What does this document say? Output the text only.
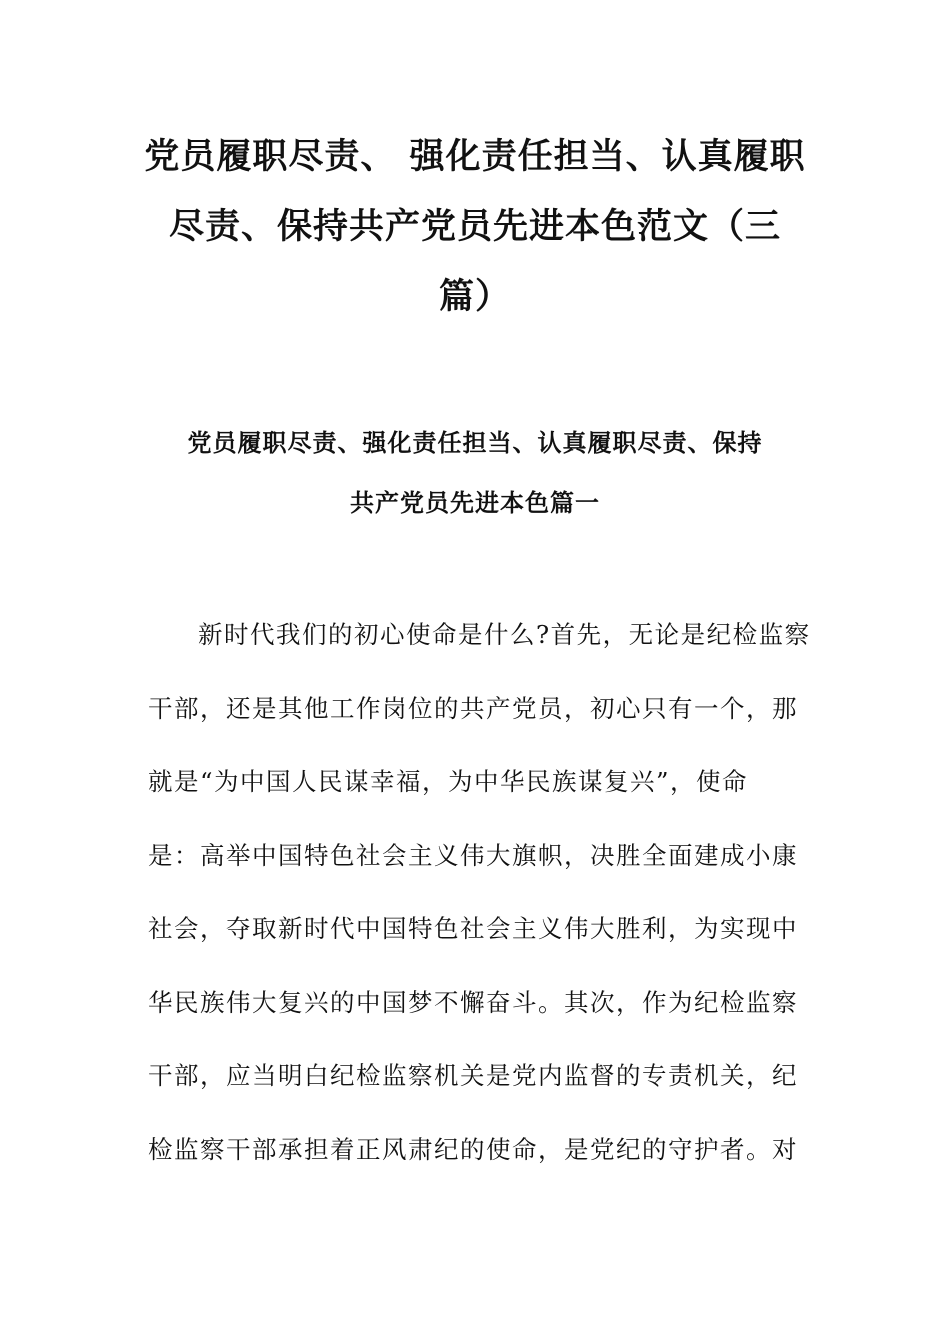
党员履职尽责、 强化责任担当、认真履职
尽责、保持共产党员先进本色范文（三
篇）
党员履职尽责、强化责任担当、认真履职尽责、保持
共产党员先进本色篇一
新时代我们的初心使命是什么?首先，无论是纪检监察
干部，还是其他工作岗位的共产党员，初心只有一个，那
就是“为中国人民谋幸福，为中华民族谋复兴”，使命
是：高举中国特色社会主义伟大旗帜，决胜全面建成小康
社会，夺取新时代中国特色社会主义伟大胜利，为实现中
华民族伟大复兴的中国梦不懈奋斗。其次，作为纪检监察
干部，应当明白纪检监察机关是党内监督的专责机关，纪
检监察干部承担着正风肃纪的使命，是党纪的守护者。对
